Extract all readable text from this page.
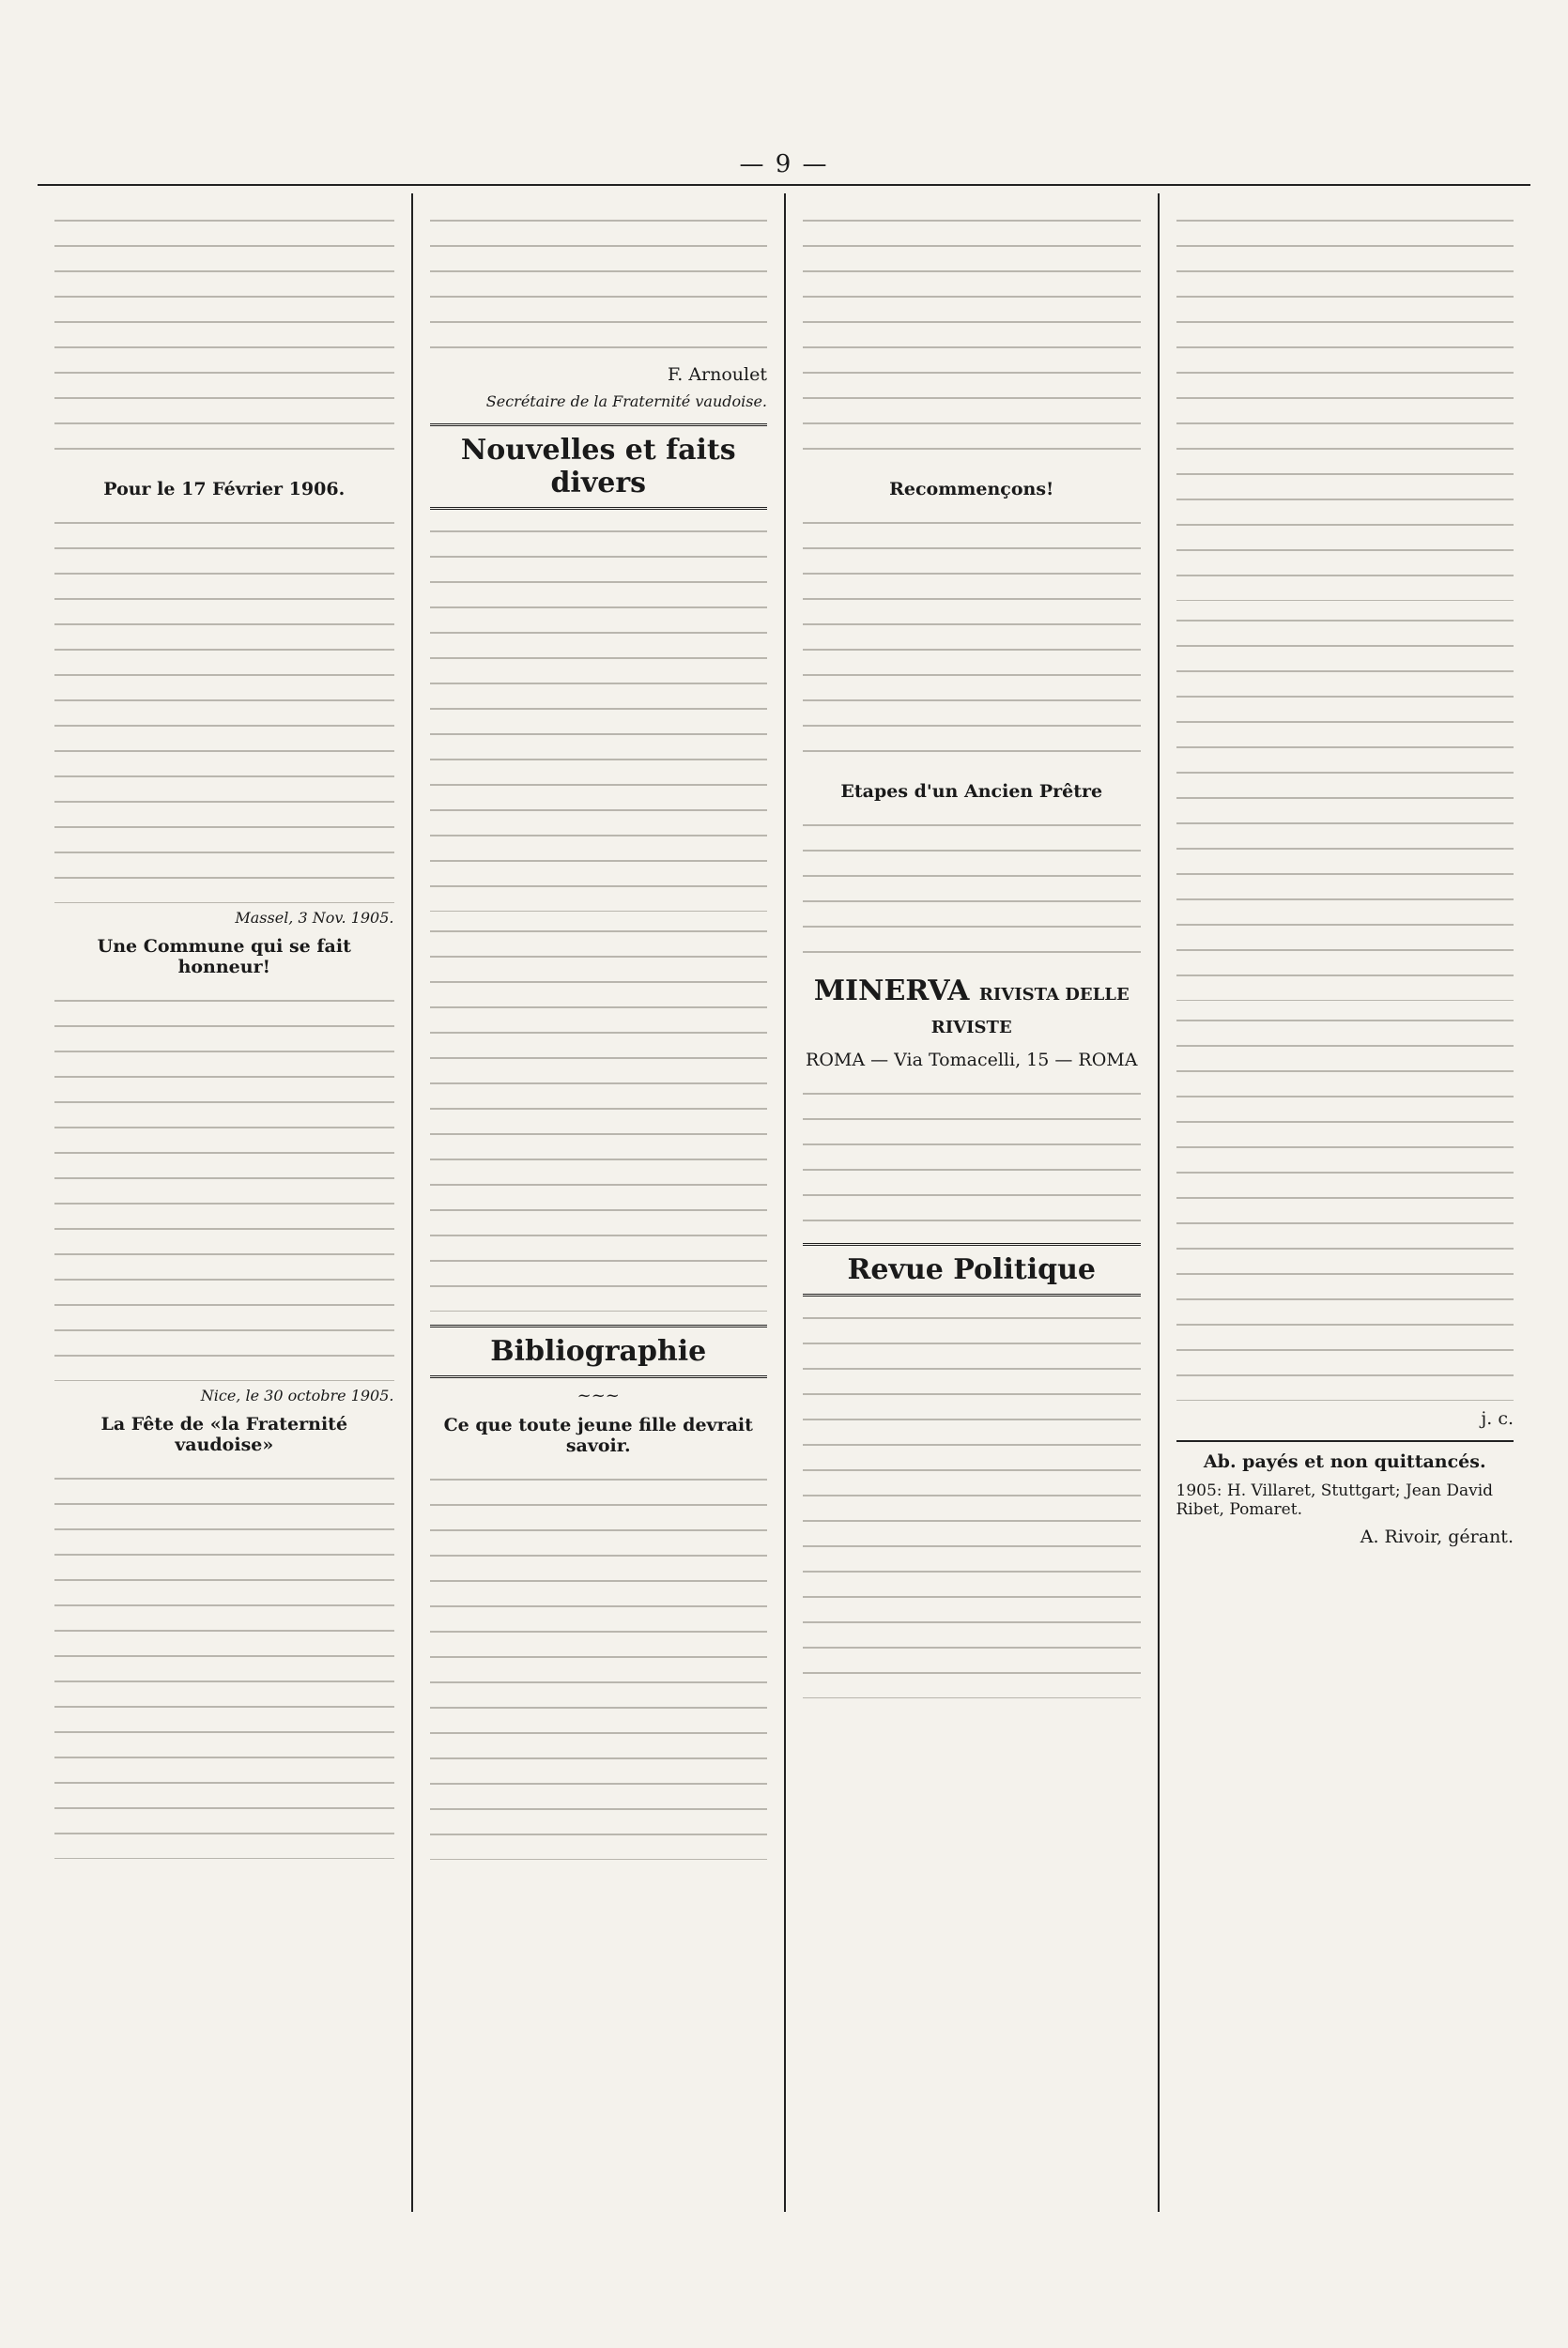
— 9 —
Pour le 17 Février 1906.
Massel, 3 Nov. 1905.
Une Commune qui se fait honneur!
Nice, le 30 octobre 1905.
La Fête de «la Fraternité vaudoise»
F. Arnoulet
Secrétaire de la Fraternité vaudoise.
Nouvelles et faits divers
Bibliographie
~~~
Ce que toute jeune fille devrait savoir.
Recommençons!
Etapes d'un Ancien Prêtre
MINERVA RIVISTA DELLE RIVISTE
ROMA — Via Tomacelli, 15 — ROMA
Revue Politique
j. c.
Ab. payés et non quittancés.
1905: H. Villaret, Stuttgart; Jean David Ribet, Pomaret.
A. Rivoir, gérant.
